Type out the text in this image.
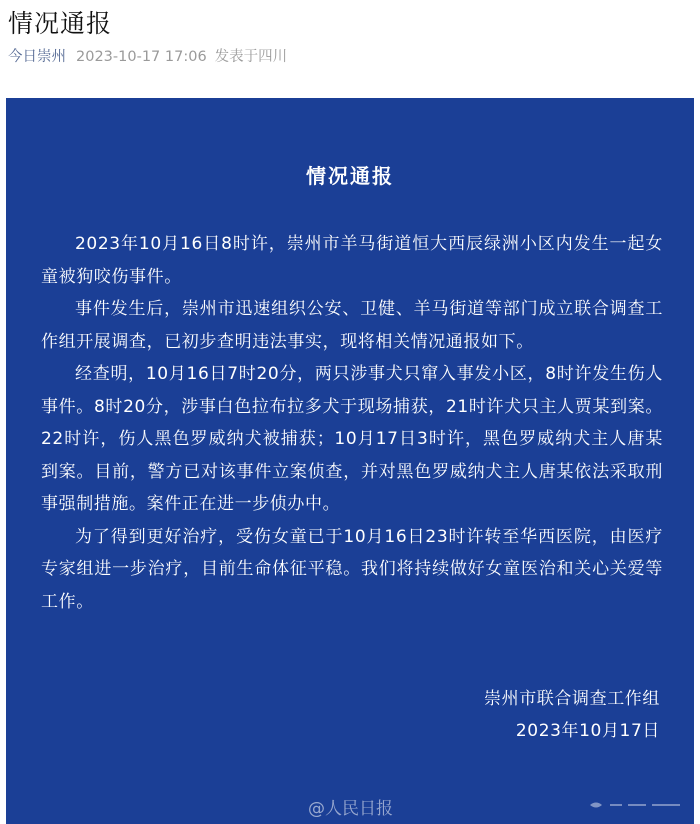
情况通报
今日崇州 2023-10-17 17:06 发表于四川
情况通报

2023年10月16日8时许，崇州市羊马街道恒大西辰绿洲小区内发生一起女童被狗咬伤事件。

事件发生后，崇州市迅速组织公安、卫健、羊马街道等部门成立联合调查工作组开展调查，已初步查明违法事实，现将相关情况通报如下。

经查明，10月16日7时20分，两只涉事犬只窜入事发小区，8时许发生伤人事件。8时20分，涉事白色拉布拉多犬于现场捕获，21时许犬只主人贾某到案。22时许，伤人黑色罗威纳犬被捕获；10月17日3时许，黑色罗威纳犬主人唐某到案。目前，警方已对该事件立案侦查，并对黑色罗威纳犬主人唐某依法采取刑事强制措施。案件正在进一步侦办中。

为了得到更好治疗，受伤女童已于10月16日23时许转至华西医院，由医疗专家组进一步治疗，目前生命体征平稳。我们将持续做好女童医治和关心关爱等工作。

崇州市联合调查工作组
2023年10月17日
@人民日报
